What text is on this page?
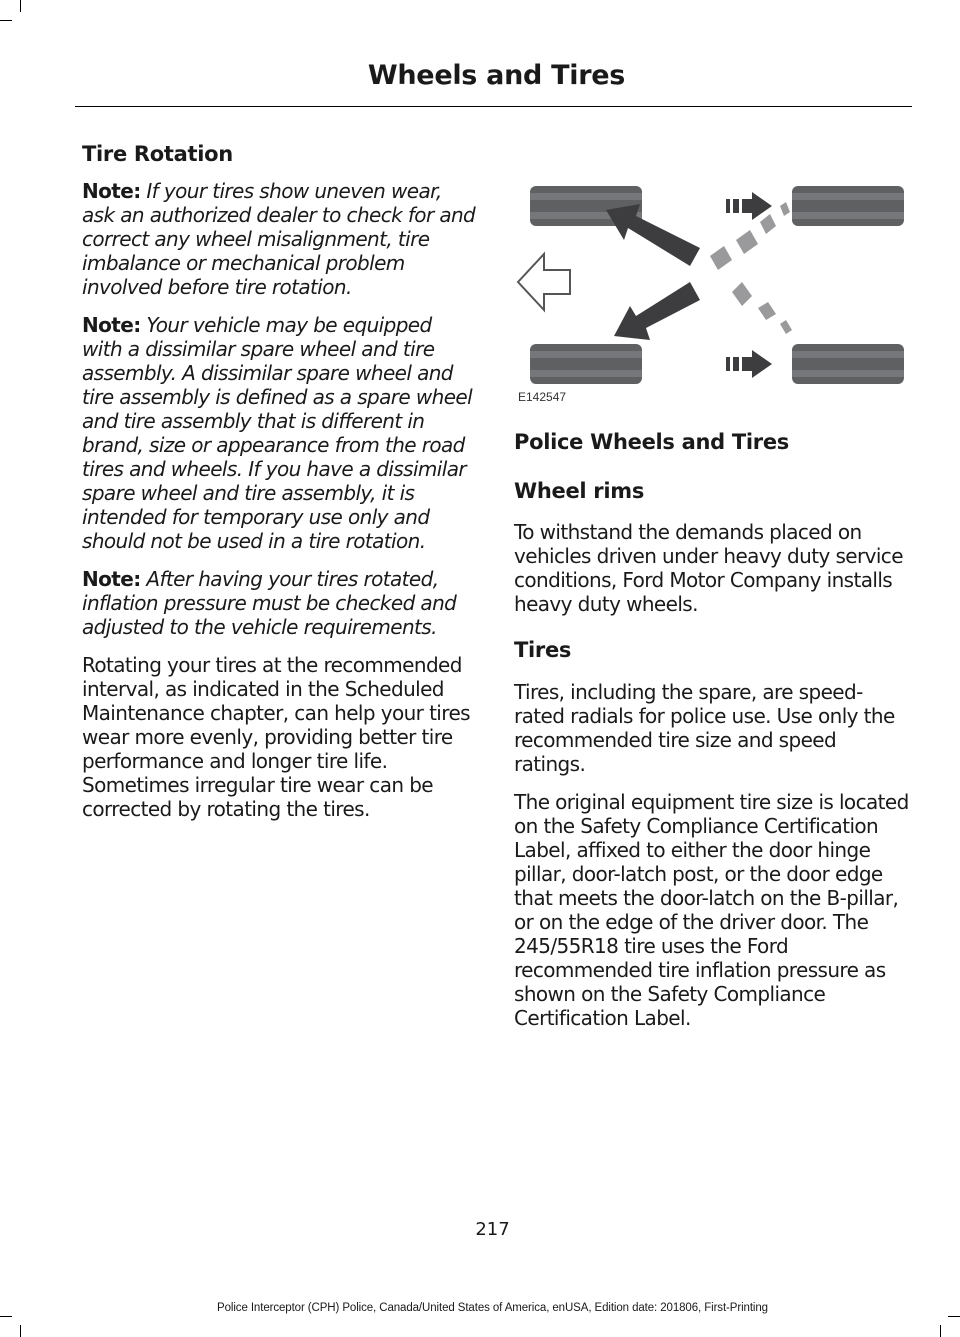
Wheels and Tires
Tire Rotation

Note: If your tires show uneven wear, ask an authorized dealer to check for and correct any wheel misalignment, tire imbalance or mechanical problem involved before tire rotation.

Note: Your vehicle may be equipped with a dissimilar spare wheel and tire assembly. A dissimilar spare wheel and tire assembly is defined as a spare wheel and tire assembly that is different in brand, size or appearance from the road tires and wheels. If you have a dissimilar spare wheel and tire assembly, it is intended for temporary use only and should not be used in a tire rotation.

Note: After having your tires rotated, inflation pressure must be checked and adjusted to the vehicle requirements.

Rotating your tires at the recommended interval, as indicated in the Scheduled Maintenance chapter, can help your tires wear more evenly, providing better tire performance and longer tire life. Sometimes irregular tire wear can be corrected by rotating the tires.

E142547
Police Wheels and Tires
Wheel rims

To withstand the demands placed on vehicles driven under heavy duty service conditions, Ford Motor Company installs heavy duty wheels.

Tires

Tires, including the spare, are speed-rated radials for police use. Use only the recommended tire size and speed ratings.

The original equipment tire size is located on the Safety Compliance Certification Label, affixed to either the door hinge pillar, door-latch post, or the door edge that meets the door-latch on the B-pillar, or on the edge of the driver door. The 245/55R18 tire uses the Ford recommended tire inflation pressure as shown on the Safety Compliance Certification Label.

217
Police Interceptor (CPH) Police, Canada/United States of America, enUSA, Edition date: 201806, First-Printing
